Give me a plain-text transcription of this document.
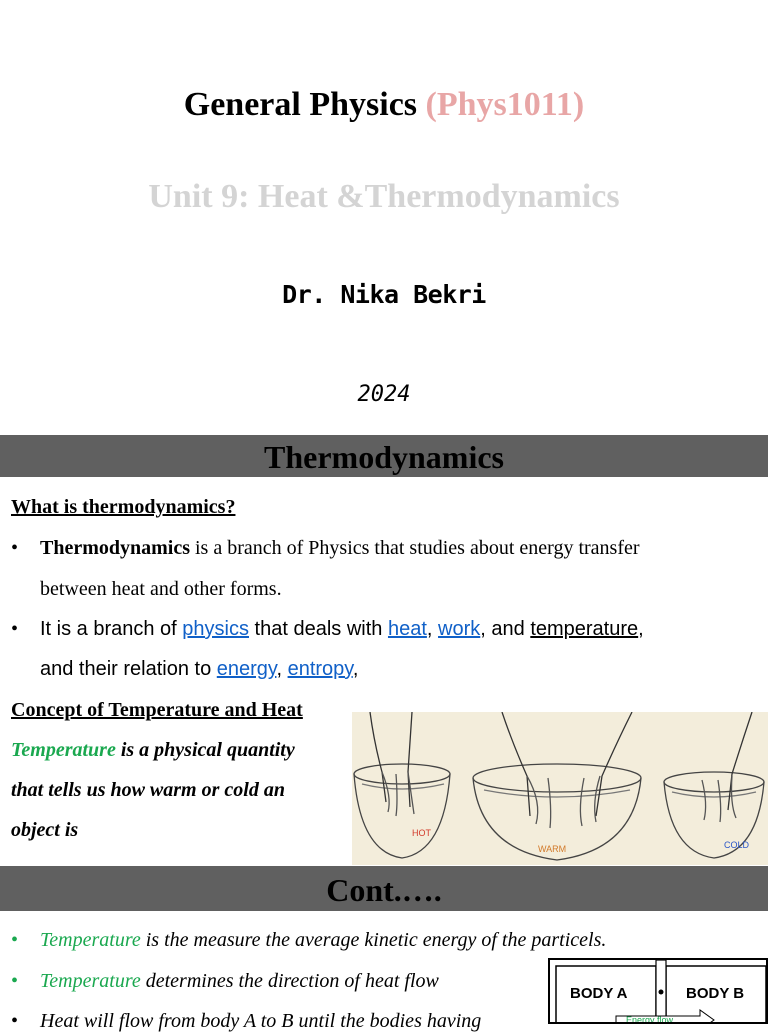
General Physics (Phys1011)
Unit 9: Heat &Thermodynamics
Dr. Nika Bekri
2024
Thermodynamics
What is thermodynamics?
• Thermodynamics is a branch of Physics that studies about energy transfer
between heat and other forms.
• It is a branch of physics that deals with heat, work, and temperature,
and their relation to energy, entropy,
Concept of Temperature and Heat
Temperature is a physical quantity
that tells us how warm or cold an
object is	HOT
WARM	COLD
Cont.….
• Temperature is the measure the average kinetic energy of the particels.
• Temperature determines the direction of heat flow
• Heat will flow from body A to B until the bodies having
BODY A	BODY B
Energy flow
